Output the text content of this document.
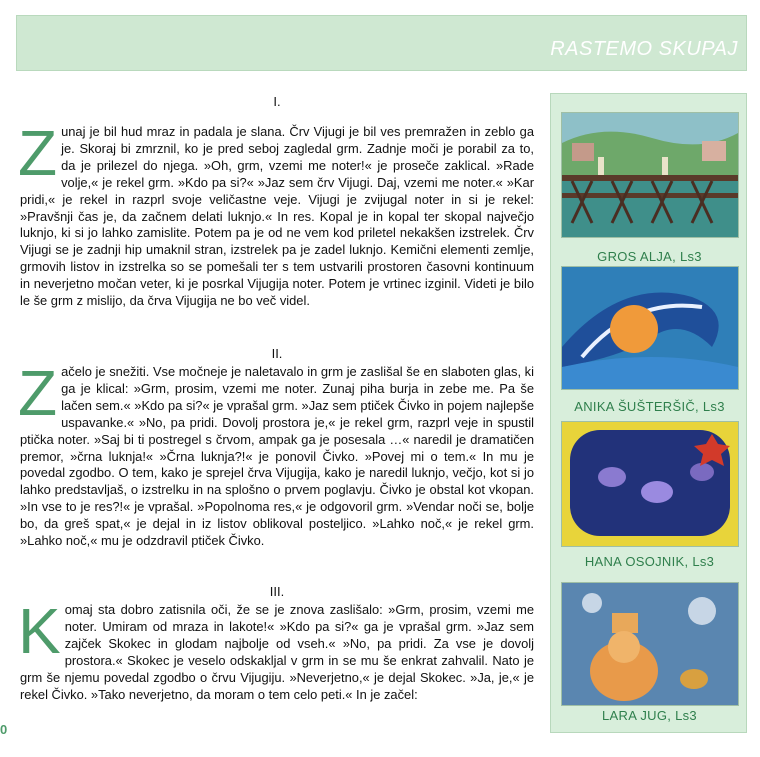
RASTEMO SKUPAJ
I.

Zunaj je bil hud mraz in padala je slana. Črv Vijugi je bil ves premražen in zeblo ga je. Skoraj bi zmrznil, ko je pred seboj zagledal grm. Zadnje moči je porabil za to, da je prilezel do njega. »Oh, grm, vzemi me noter!« je proseče zaklical. »Rade volje,« je rekel grm. »Kdo pa si?« »Jaz sem črv Vijugi. Daj, vzemi me noter.« »Kar pridi,« je rekel in razprl svoje veličastne veje. Vijugi je zvijugal noter in si je rekel: »Pravšnji čas je, da začnem delati luknjo.« In res. Kopal je in kopal ter skopal največjo luknjo, ki si jo lahko zamislite. Potem pa je od ne vem kod priletel nekakšen izstrelek. Črv Vijugi se je zadnji hip umaknil stran, izstrelek pa je zadel luknjo. Kemični elementi zemlje, grmovih listov in izstrelka so se pomešali ter s tem ustvarili prostoren časovni kontinuum in neverjetno močan veter, ki je posrkal Vijugija noter. Potem je vrtinec izginil. Videti je bilo le še grm z mislijo, da črva Vijugija ne bo več videl.

II.

Začelo je snežiti. Vse močneje je naletavalo in grm je zaslišal še en slaboten glas, ki ga je klical: »Grm, prosim, vzemi me noter. Zunaj piha burja in zebe me. Pa še lačen sem.« »Kdo pa si?« je vprašal grm. »Jaz sem ptiček Čivko in pojem najlepše uspavanke.« »No, pa pridi. Dovolj prostora je,« je rekel grm, razprl veje in spustil ptička noter. »Saj bi ti postregel s črvom, ampak ga je posesala …« naredil je dramatičen premor, »črna luknja!« »Črna luknja?!« je ponovil Čivko. »Povej mi o tem.« In mu je povedal zgodbo. O tem, kako je sprejel črva Vijugija, kako je naredil luknjo, večjo, kot si jo lahko predstavljaš, o izstrelku in na splošno o prvem poglavju. Čivko je obstal kot vkopan. »In vse to je res?!« je vprašal. »Popolnoma res,« je odgovoril grm. »Vendar noči se, bolje bo, da greš spat,« je dejal in iz listov oblikoval posteljico. »Lahko noč,« je rekel grm. »Lahko noč,« mu je odzdravil ptiček Čivko.

III.

Komaj sta dobro zatisnila oči, že se je znova zaslišalo: »Grm, prosim, vzemi me noter. Umiram od mraza in lakote!« »Kdo pa si?« ga je vprašal grm. »Jaz sem zajček Skokec in glodam najbolje od vseh.« »No, pa pridi. Za vse je dovolj prostora.« Skokec je veselo odskakljal v grm in se mu še enkrat zahvalil. Nato je grm še njemu povedal zgodbo o črvu Vijugiju. »Neverjetno,« je dejal Skokec. »Ja, je,« je rekel Čivko. »Tako neverjetno, da moram o tem celo peti.« In je začel:

0
GROS ALJA, Ls3
ANIKA ŠUŠTERŠIČ, Ls3
HANA OSOJNIK, Ls3
LARA JUG, Ls3
